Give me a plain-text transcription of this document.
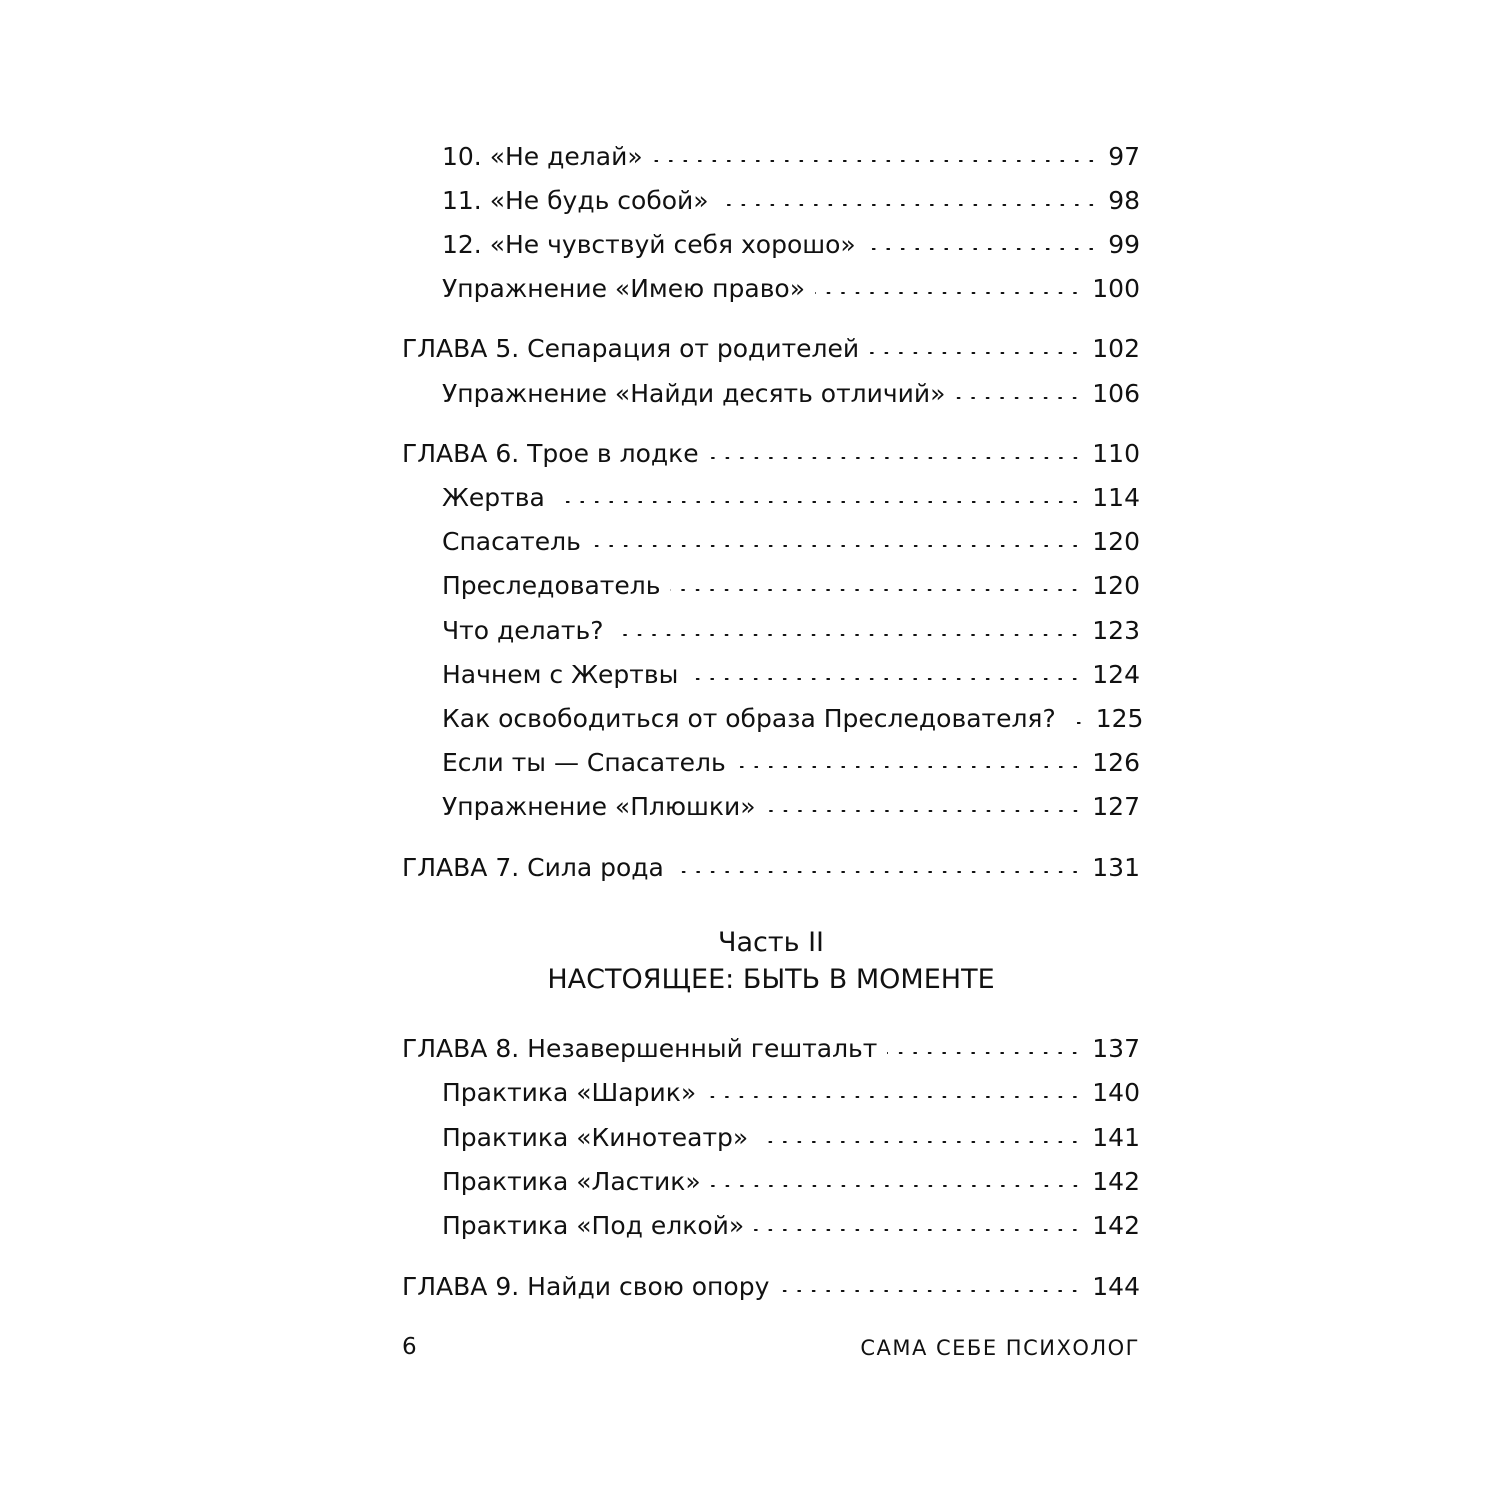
10. «Не делай»	97
11. «Не будь собой»	98
12. «Не чувствуй себя хорошо»	99
Упражнение «Имею право»	100
ГЛАВА 5. Сепарация от родителей	102
Упражнение «Найди десять отличий»	106
ГЛАВА 6. Трое в лодке	110
Жертва	114
Спасатель	120
Преследователь	120
Что делать?	123
Начнем с Жертвы	124
Как освободиться от образа Преследователя? 125
Если ты — Спасатель	126
Упражнение «Плюшки»	127
ГЛАВА 7. Сила рода	131
ГЛАВА 8. Незавершенный гештальт	137
Практика «Шарик»	140
Практика «Кинотеатр»	141
Практика «Ластик»	142
Практика «Под елкой»	142
ГЛАВА 9. Найди свою опору	144
Часть II
НАСТОЯЩЕЕ: БЫТЬ В МОМЕНТЕ
6	САМА СЕБЕ ПСИХОЛОГ
